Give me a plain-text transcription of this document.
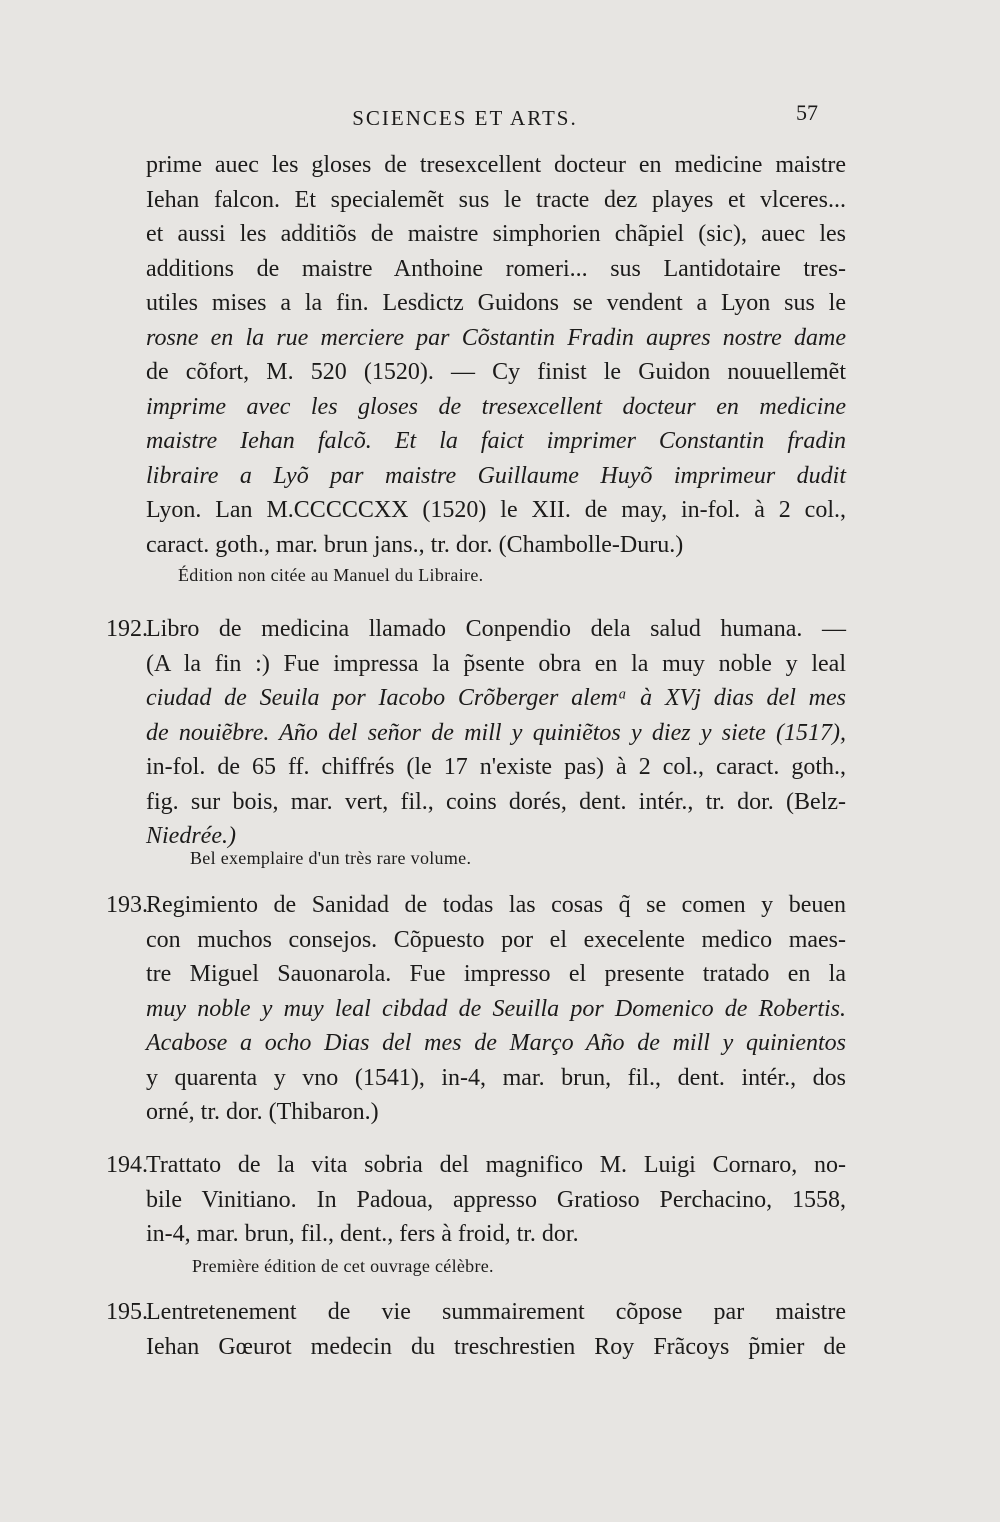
SCIENCES ET ARTS.	57
prime auec les gloses de tresexcellent docteur en medicine maistre
Iehan falcon. Et specialemẽt sus le tracte dez playes et vlceres...
et aussi les additiõs de maistre simphorien chãpiel (sic), auec les
additions de maistre Anthoine romeri... sus Lantidotaire tres-
utiles mises a la fin. Lesdictz Guidons se vendent a Lyon sus le
rosne en la rue merciere par Cõstantin Fradin aupres nostre dame
de cõfort, M. 520 (1520). — Cy finist le Guidon nouuellemẽt
imprime avec les gloses de tresexcellent docteur en medicine
maistre Iehan falcõ. Et la faict imprimer Constantin fradin
libraire a Lyõ par maistre Guillaume Huyõ imprimeur dudit
Lyon. Lan M.CCCCCXX (1520) le XII. de may, in-fol. à 2 col.,
caract. goth., mar. brun jans., tr. dor. (Chambolle-Duru.)
Édition non citée au Manuel du Libraire.
192.
Libro de medicina llamado Conpendio dela salud humana. —
(A la fin :) Fue impressa la p̃sente obra en la muy noble y leal
ciudad de Seuila por Iacobo Crõberger alemᵃ à XVj dias del mes
de nouiẽbre. Año del señor de mill y quiniẽtos y diez y siete (1517),
in-fol. de 65 ff. chiffrés (le 17 n'existe pas) à 2 col., caract. goth.,
fig. sur bois, mar. vert, fil., coins dorés, dent. intér., tr. dor. (Belz-
Niedrée.)
Bel exemplaire d'un très rare volume.
193.
Regimiento de Sanidad de todas las cosas q̃ se comen y beuen
con muchos consejos. Cõpuesto por el execelente medico maes-
tre Miguel Sauonarola. Fue impresso el presente tratado en la
muy noble y muy leal cibdad de Seuilla por Domenico de Robertis.
Acabose a ocho Dias del mes de Março Año de mill y quinientos
y quarenta y vno (1541), in-4, mar. brun, fil., dent. intér., dos
orné, tr. dor. (Thibaron.)
194.
Trattato de la vita sobria del magnifico M. Luigi Cornaro, no-
bile Vinitiano. In Padoua, appresso Gratioso Perchacino, 1558,
in-4, mar. brun, fil., dent., fers à froid, tr. dor.
Première édition de cet ouvrage célèbre.
195.
Lentretenement de vie summairement cõpose par maistre
Iehan Gœurot medecin du treschrestien Roy Frãcoys p̃mier de
